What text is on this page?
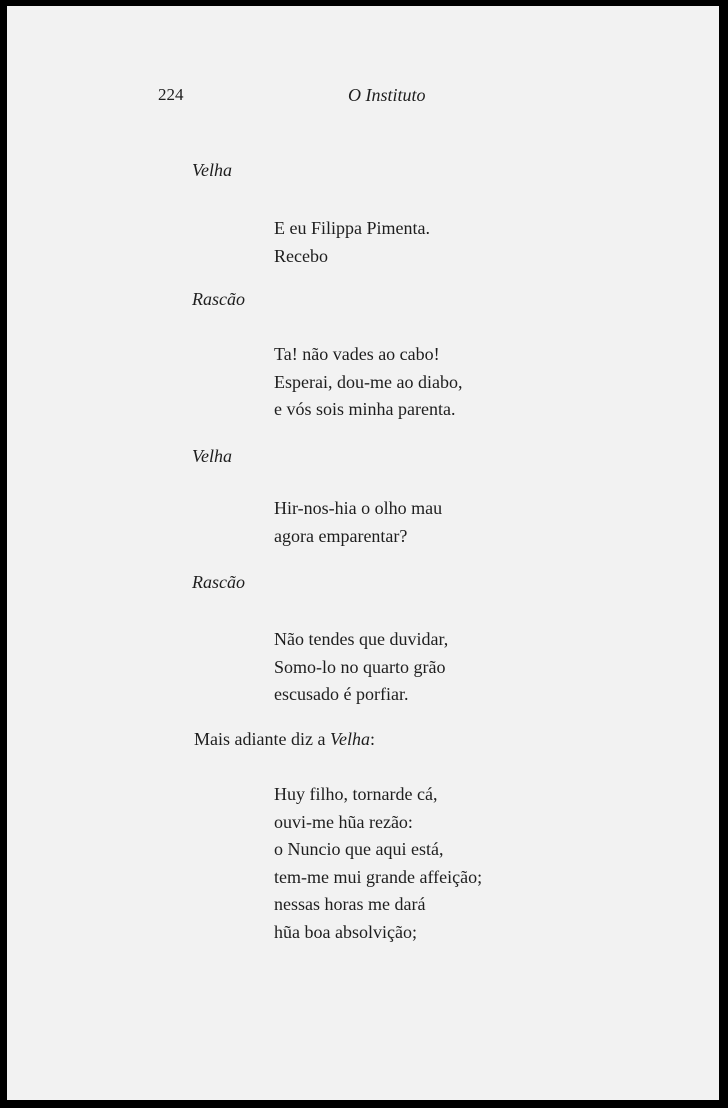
224	O Instituto
Velha
E eu Filippa Pimenta.
Recebo
Rascão
Ta! não vades ao cabo!
Esperai, dou-me ao diabo,
e vós sois minha parenta.
Velha
Hir-nos-hia o olho mau
agora emparentar?
Rascão
Não tendes que duvidar,
Somo-lo no quarto grão
escusado é porfiar.
Mais adiante diz a Velha:
Huy filho, tornarde cá,
ouvi-me hũa rezão:
o Nuncio que aqui está,
tem-me mui grande affeição;
nessas horas me dará
hũa boa absolvição;
